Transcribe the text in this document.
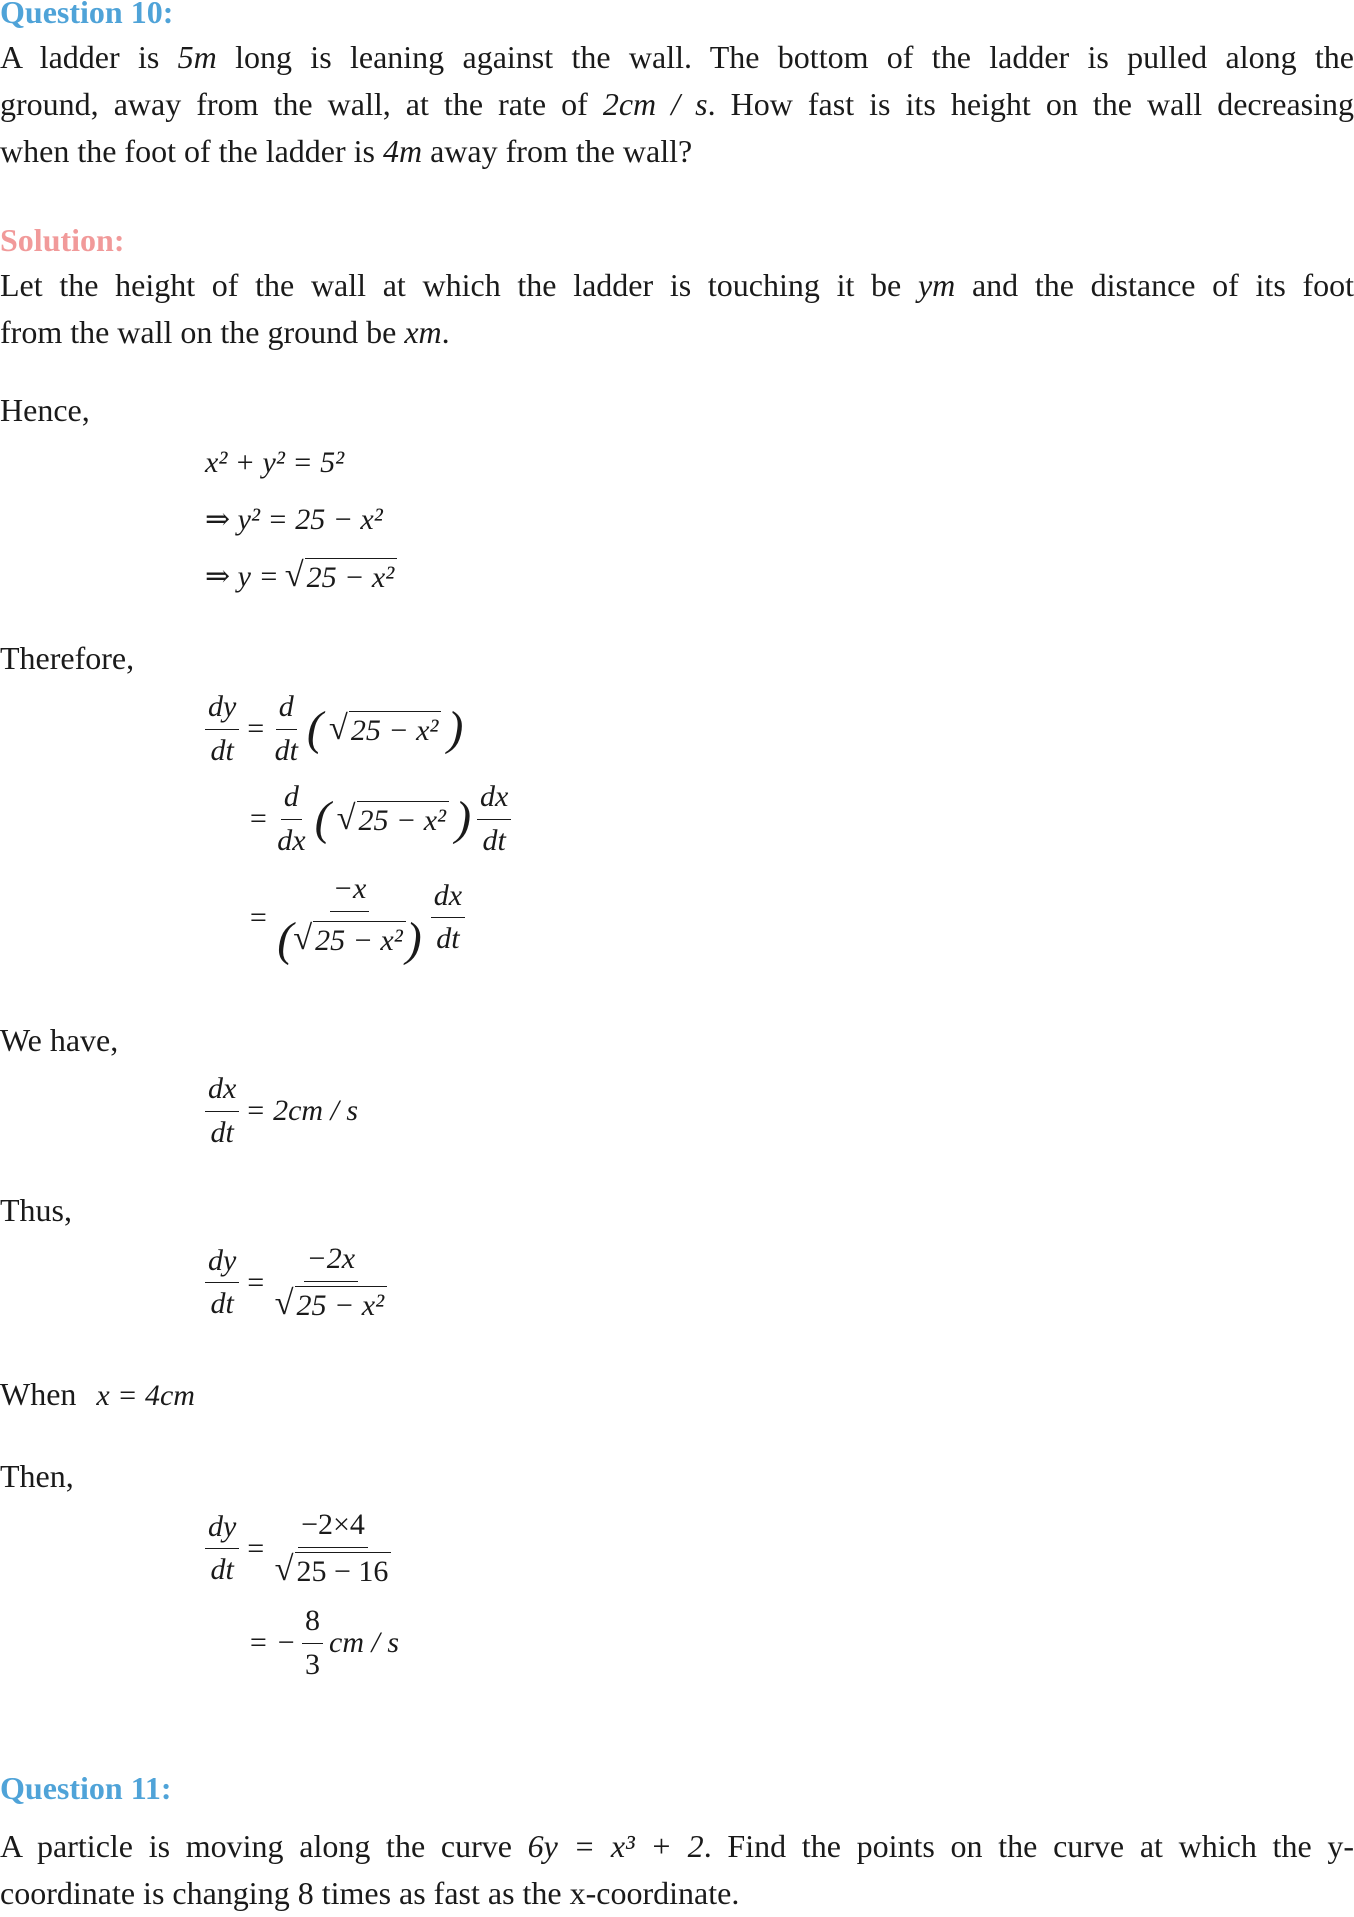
Question 10:
A ladder is 5m long is leaning against the wall. The bottom of the ladder is pulled along the
ground, away from the wall, at the rate of 2cm / s. How fast is its height on the wall decreasing
when the foot of the ladder is 4m away from the wall?
Solution:
Let the height of the wall at which the ladder is touching it be ym and the distance of its foot
from the wall on the ground be xm.
Hence,
x² + y² = 5²
⇒ y² = 25 − x²
⇒ y = √ 25 − x²
Therefore,
$\frac{dy}{dt} = \frac{d}{dt}$ ( √ 25 − x² )
= $\frac{d}{dx}$ ( √ 25 − x² ) $\frac{dx}{dt}$
= $\frac{-x}{\text{( √ 25 − x² )}} \frac{dx}{dt}$
We have,
$\frac{dx}{dt} = 2cm / s$
Thus,
$\frac{dy}{dt} = \frac{-2x}{\text{√ 25 − x²}}$
When x = 4cm
Then,
$\frac{dy}{dt} = \frac{-2\times 4}{√ 25 - 16}$
= − $\frac{8}{3}$ cm / s
Question 11:
A particle is moving along the curve 6y = x³ + 2. Find the points on the curve at which the y-
coordinate is changing 8 times as fast as the x-coordinate.
